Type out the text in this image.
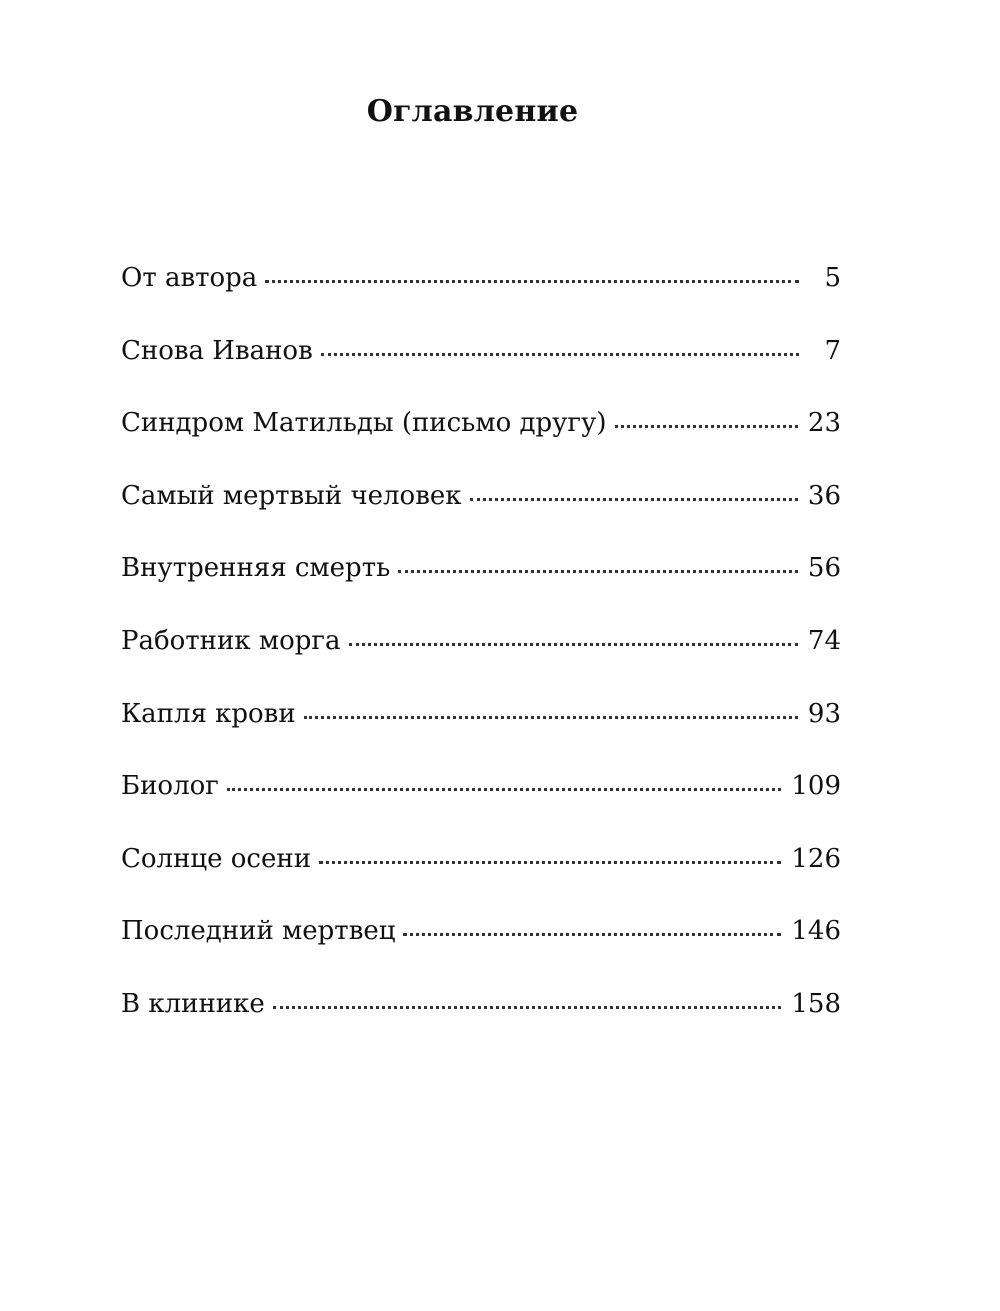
Оглавление
От автора	5
Снова Иванов	7
Синдром Матильды (письмо другу)	23
Самый мертвый человек	36
Внутренняя смерть	56
Работник морга	74
Капля крови	93
Биолог	109
Солнце осени	126
Последний мертвец	146
В клинике	158
